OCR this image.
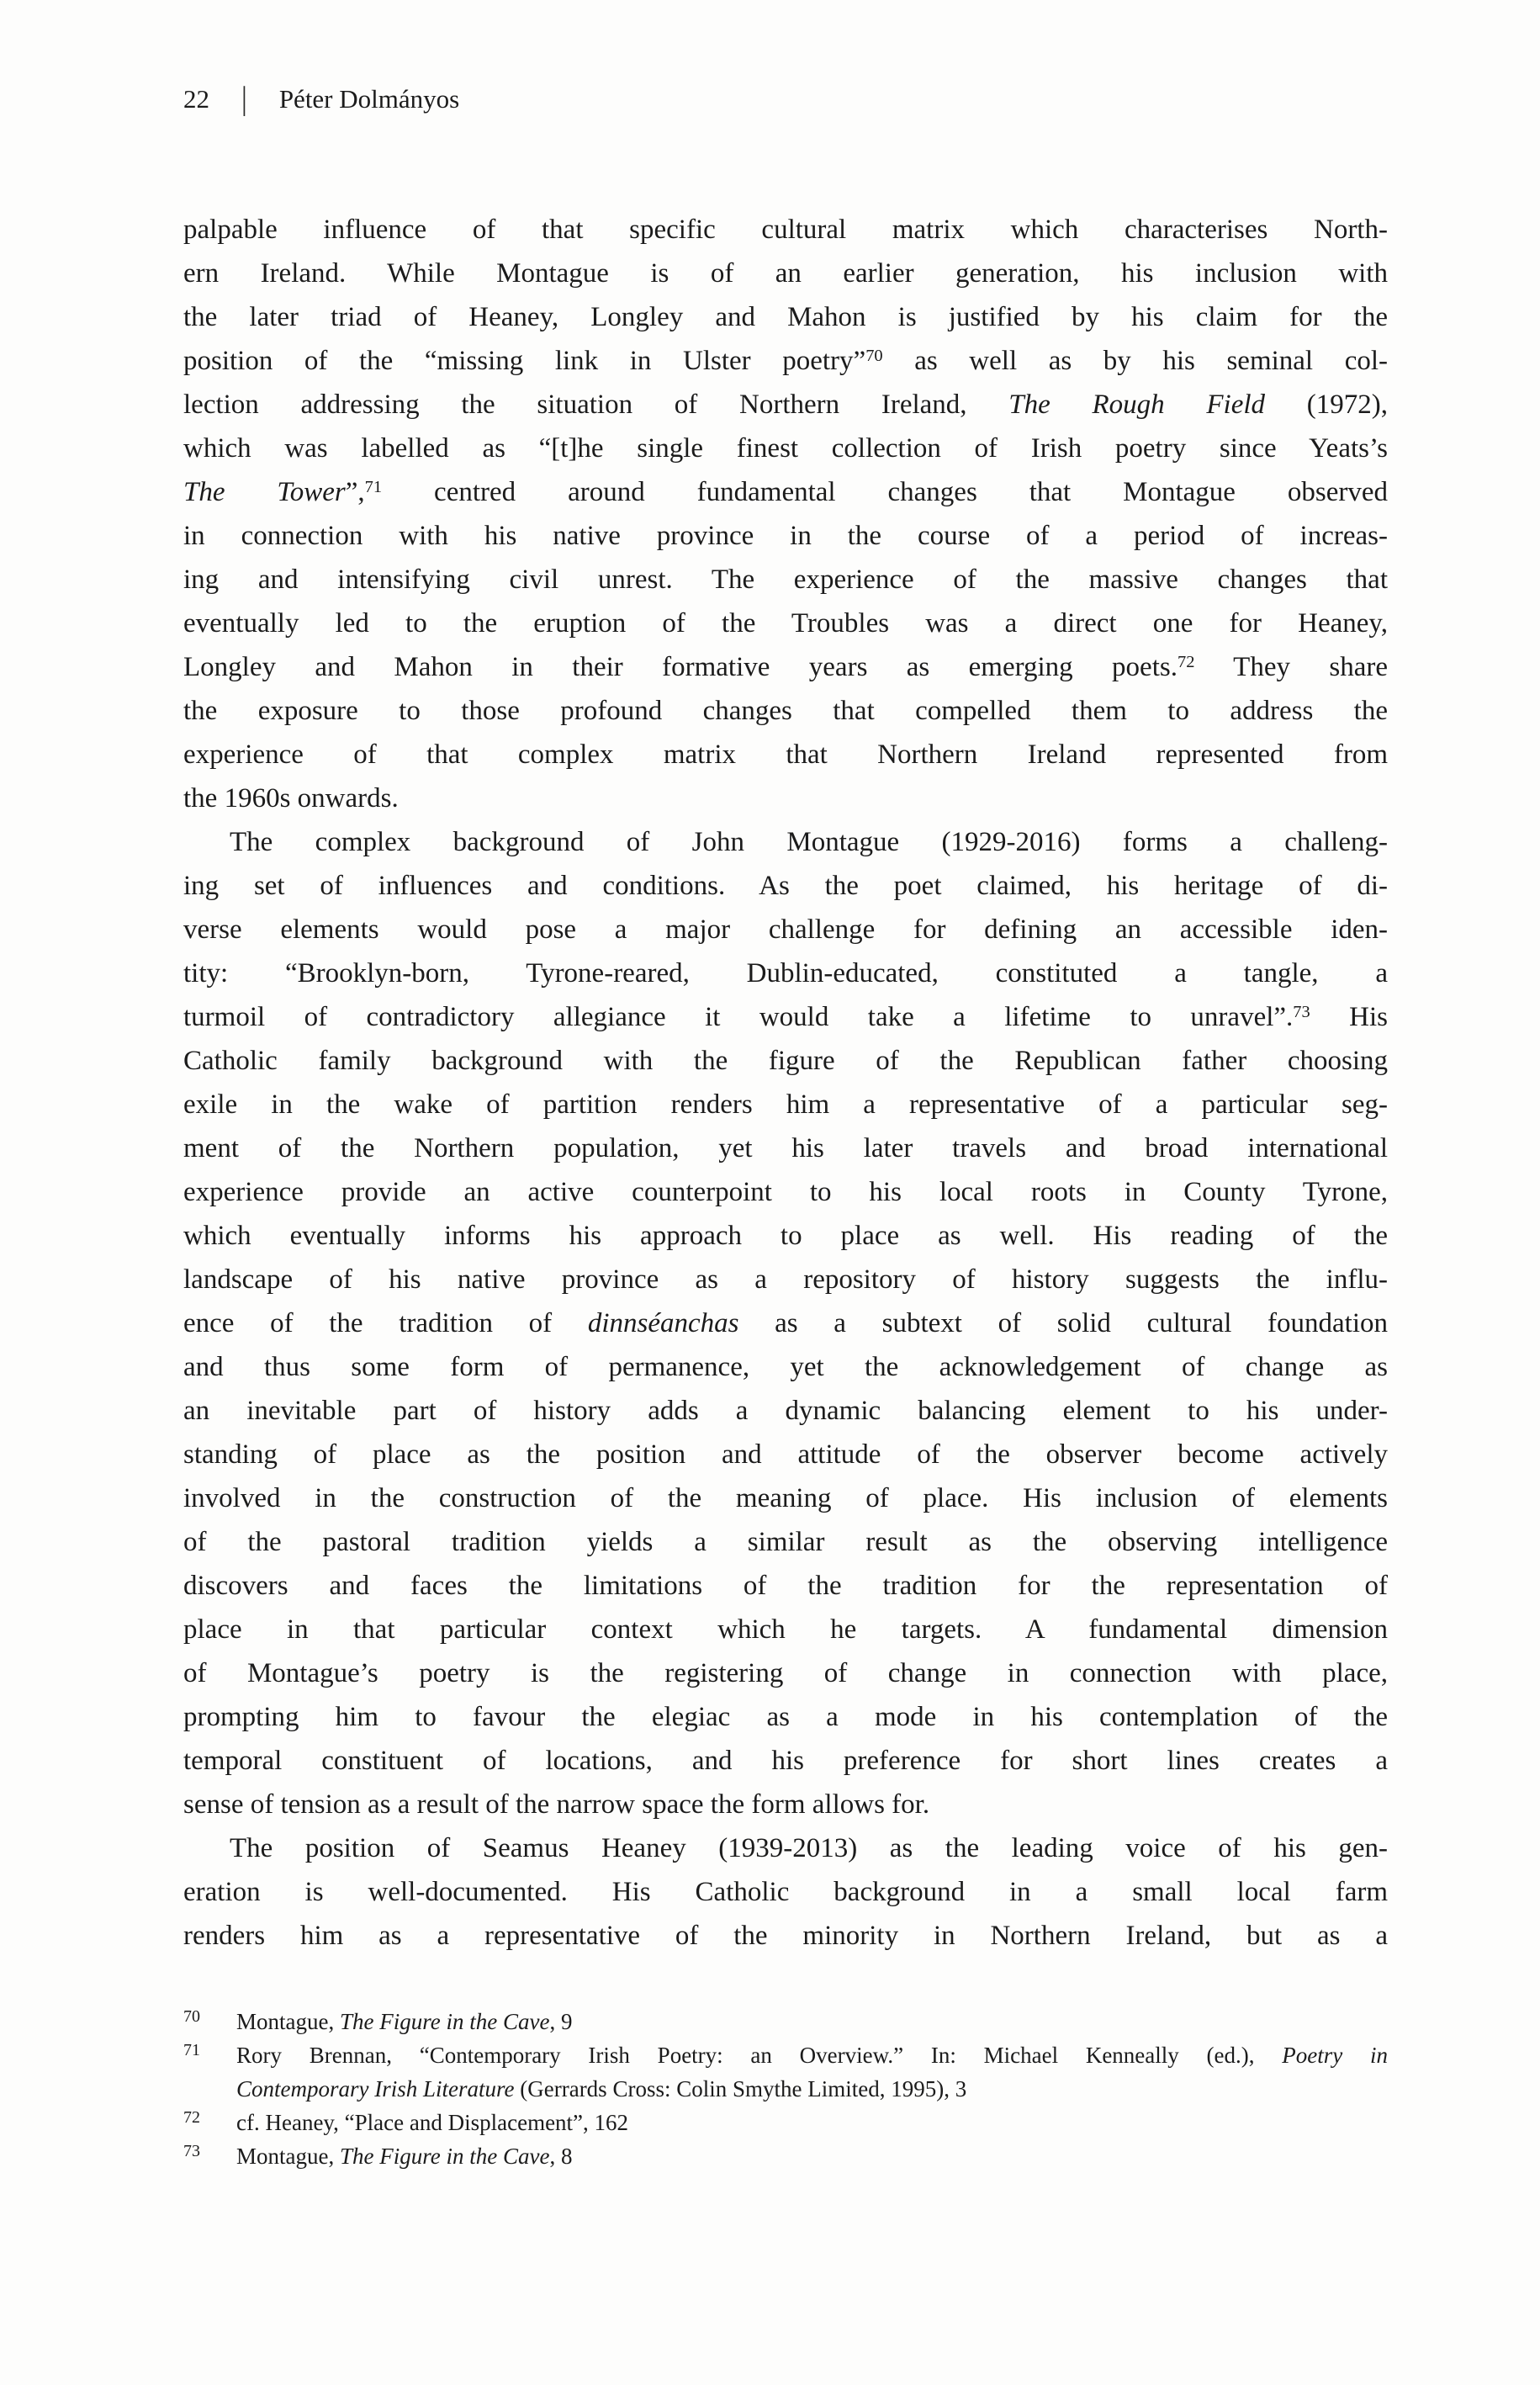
22 | Péter Dolmányos
palpable influence of that specific cultural matrix which characterises North-
ern Ireland. While Montague is of an earlier generation, his inclusion with
the later triad of Heaney, Longley and Mahon is justified by his claim for the
position of the “missing link in Ulster poetry”$^{70}$ as well as by his seminal col-
lection addressing the situation of Northern Ireland, The Rough Field (1972),
which was labelled as “[t]he single finest collection of Irish poetry since Yeats’s
The Tower”,$^{71}$ centred around fundamental changes that Montague observed
in connection with his native province in the course of a period of increas-
ing and intensifying civil unrest. The experience of the massive changes that
eventually led to the eruption of the Troubles was a direct one for Heaney,
Longley and Mahon in their formative years as emerging poets.$^{72}$ They share
the exposure to those profound changes that compelled them to address the
experience of that complex matrix that Northern Ireland represented from
the 1960s onwards.
The complex background of John Montague (1929-2016) forms a challeng-
ing set of influences and conditions. As the poet claimed, his heritage of di-
verse elements would pose a major challenge for defining an accessible iden-
tity: “Brooklyn-born, Tyrone-reared, Dublin-educated, constituted a tangle, a
turmoil of contradictory allegiance it would take a lifetime to unravel”.$^{73}$ His
Catholic family background with the figure of the Republican father choosing
exile in the wake of partition renders him a representative of a particular seg-
ment of the Northern population, yet his later travels and broad international
experience provide an active counterpoint to his local roots in County Tyrone,
which eventually informs his approach to place as well. His reading of the
landscape of his native province as a repository of history suggests the influ-
ence of the tradition of dinnséanchas as a subtext of solid cultural foundation
and thus some form of permanence, yet the acknowledgement of change as
an inevitable part of history adds a dynamic balancing element to his under-
standing of place as the position and attitude of the observer become actively
involved in the construction of the meaning of place. His inclusion of elements
of the pastoral tradition yields a similar result as the observing intelligence
discovers and faces the limitations of the tradition for the representation of
place in that particular context which he targets. A fundamental dimension
of Montague’s poetry is the registering of change in connection with place,
prompting him to favour the elegiac as a mode in his contemplation of the
temporal constituent of locations, and his preference for short lines creates a
sense of tension as a result of the narrow space the form allows for.
The position of Seamus Heaney (1939-2013) as the leading voice of his gen-
eration is well-documented. His Catholic background in a small local farm
renders him as a representative of the minority in Northern Ireland, but as a
70	Montague, The Figure in the Cave, 9
71	Rory Brennan, “Contemporary Irish Poetry: an Overview.” In: Michael Kenneally (ed.), Poetry in
Contemporary Irish Literature (Gerrards Cross: Colin Smythe Limited, 1995), 3
72	cf. Heaney, “Place and Displacement”, 162
73	Montague, The Figure in the Cave, 8
